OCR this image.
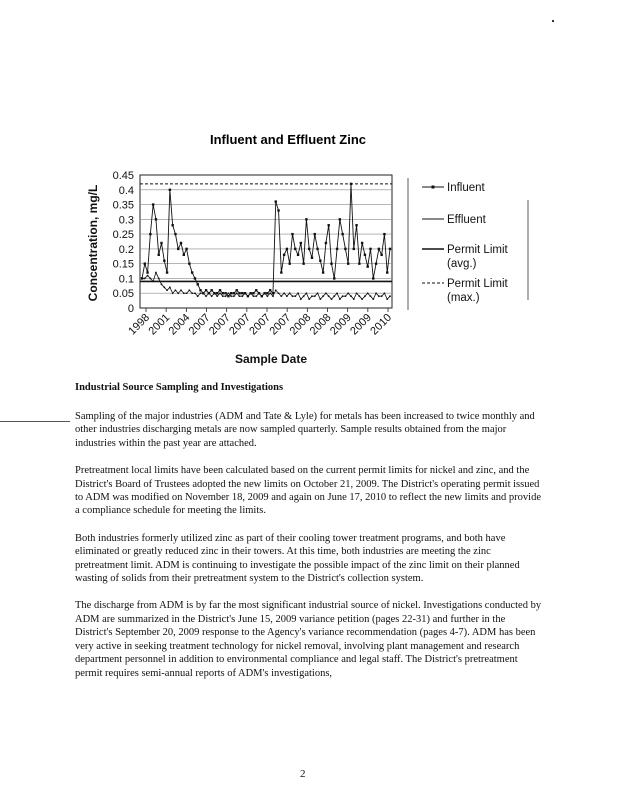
Influent and Effluent Zinc
0
0.05
0.1
0.15
0.2
0.25
0.3
0.35
0.4
0.45
1998
2001
2004
2007
2007
2007
2007
2007
2008
2008
2009
2009
2010
Concentration, mg/L
Sample Date
Influent
Effluent
Permit Limit (avg.)
Permit Limit (max.)
Industrial Source Sampling and Investigations

Sampling of the major industries (ADM and Tate & Lyle) for metals has been increased to twice monthly and other industries discharging metals are now sampled quarterly. Sample results obtained from the major industries within the past year are attached.

Pretreatment local limits have been calculated based on the current permit limits for nickel and zinc, and the District's Board of Trustees adopted the new limits on October 21, 2009. The District's operating permit issued to ADM was modified on November 18, 2009 and again on June 17, 2010 to reflect the new limits and provide a compliance schedule for meeting the limits.

Both industries formerly utilized zinc as part of their cooling tower treatment programs, and both have eliminated or greatly reduced zinc in their towers. At this time, both industries are meeting the zinc pretreatment limit. ADM is continuing to investigate the possible impact of the zinc limit on their planned wasting of solids from their pretreatment system to the District's collection system.

The discharge from ADM is by far the most significant industrial source of nickel. Investigations conducted by ADM are summarized in the District's June 15, 2009 variance petition (pages 22-31) and further in the District's September 20, 2009 response to the Agency's variance recommendation (pages 4-7). ADM has been very active in seeking treatment technology for nickel removal, involving plant management and research department personnel in addition to environmental compliance and legal staff. The District's pretreatment permit requires semi-annual reports of ADM's investigations,

2
